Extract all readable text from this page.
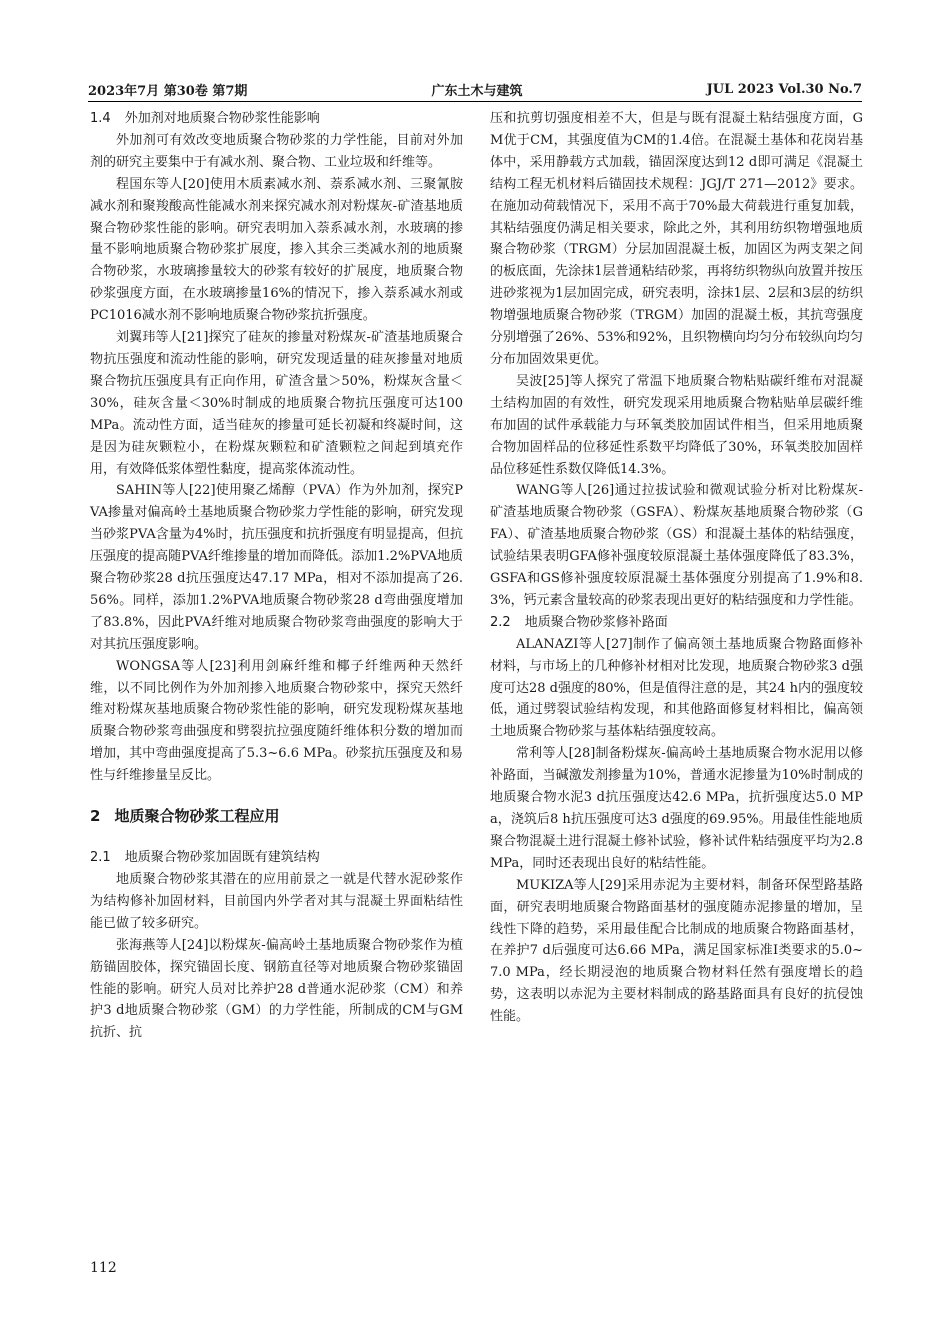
2023年7月 第30卷 第7期	广东土木与建筑	JUL 2023 Vol.30 No.7
1.4 外加剂对地质聚合物砂浆性能影响

外加剂可有效改变地质聚合物砂浆的力学性能，目前对外加剂的研究主要集中于有减水剂、聚合物、工业垃圾和纤维等。

程国东等人[20]使用木质素减水剂、萘系减水剂、三聚氰胺减水剂和聚羧酸高性能减水剂来探究减水剂对粉煤灰-矿渣基地质聚合物砂浆性能的影响。研究表明加入萘系减水剂，水玻璃的掺量不影响地质聚合物砂浆扩展度，掺入其余三类减水剂的地质聚合物砂浆，水玻璃掺量较大的砂浆有较好的扩展度，地质聚合物砂浆强度方面，在水玻璃掺量16%的情况下，掺入萘系减水剂或PC1016减水剂不影响地质聚合物砂浆抗折强度。

刘翼玮等人[21]探究了硅灰的掺量对粉煤灰-矿渣基地质聚合物抗压强度和流动性能的影响，研究发现适量的硅灰掺量对地质聚合物抗压强度具有正向作用，矿渣含量＞50%，粉煤灰含量＜30%，硅灰含量＜30%时制成的地质聚合物抗压强度可达100 MPa。流动性方面，适当硅灰的掺量可延长初凝和终凝时间，这是因为硅灰颗粒小，在粉煤灰颗粒和矿渣颗粒之间起到填充作用，有效降低浆体塑性黏度，提高浆体流动性。

SAHIN等人[22]使用聚乙烯醇（PVA）作为外加剂，探究PVA掺量对偏高岭土基地质聚合物砂浆力学性能的影响，研究发现当砂浆PVA含量为4%时，抗压强度和抗折强度有明显提高，但抗压强度的提高随PVA纤维掺量的增加而降低。添加1.2%PVA地质聚合物砂浆28 d抗压强度达47.17 MPa，相对不添加提高了26.56%。同样，添加1.2%PVA地质聚合物砂浆28 d弯曲强度增加了83.8%，因此PVA纤维对地质聚合物砂浆弯曲强度的影响大于对其抗压强度影响。

WONGSA等人[23]利用剑麻纤维和椰子纤维两种天然纤维，以不同比例作为外加剂掺入地质聚合物砂浆中，探究天然纤维对粉煤灰基地质聚合物砂浆性能的影响，研究发现粉煤灰基地质聚合物砂浆弯曲强度和劈裂抗拉强度随纤维体积分数的增加而增加，其中弯曲强度提高了5.3~6.6 MPa。砂浆抗压强度及和易性与纤维掺量呈反比。

2 地质聚合物砂浆工程应用
2.1 地质聚合物砂浆加固既有建筑结构

地质聚合物砂浆其潜在的应用前景之一就是代替水泥砂浆作为结构修补加固材料，目前国内外学者对其与混凝土界面粘结性能已做了较多研究。

张海燕等人[24]以粉煤灰-偏高岭土基地质聚合物砂浆作为植筋锚固胶体，探究锚固长度、钢筋直径等对地质聚合物砂浆锚固性能的影响。研究人员对比养护28 d普通水泥砂浆（CM）和养护3 d地质聚合物砂浆（GM）的力学性能，所制成的CM与GM抗折、抗

压和抗剪切强度相差不大，但是与既有混凝土粘结强度方面，GM优于CM，其强度值为CM的1.4倍。在混凝土基体和花岗岩基体中，采用静载方式加载，锚固深度达到12 d即可满足《混凝土结构工程无机材料后锚固技术规程：JGJ/T 271—2012》要求。在施加动荷载情况下，采用不高于70%最大荷载进行重复加载，其粘结强度仍满足相关要求，除此之外，其利用纺织物增强地质聚合物砂浆（TRGM）分层加固混凝土板，加固区为两支架之间的板底面，先涂抹1层普通粘结砂浆，再将纺织物纵向放置并按压进砂浆视为1层加固完成，研究表明，涂抹1层、2层和3层的纺织物增强地质聚合物砂浆（TRGM）加固的混凝土板，其抗弯强度分别增强了26%、53%和92%，且织物横向均匀分布较纵向均匀分布加固效果更优。

吴波[25]等人探究了常温下地质聚合物粘贴碳纤维布对混凝土结构加固的有效性，研究发现采用地质聚合物粘贴单层碳纤维布加固的试件承载能力与环氧类胶加固试件相当，但采用地质聚合物加固样品的位移延性系数平均降低了30%，环氧类胶加固样品位移延性系数仅降低14.3%。

WANG等人[26]通过拉拔试验和微观试验分析对比粉煤灰-矿渣基地质聚合物砂浆（GSFA）、粉煤灰基地质聚合物砂浆（GFA）、矿渣基地质聚合物砂浆（GS）和混凝土基体的粘结强度，试验结果表明GFA修补强度较原混凝土基体强度降低了83.3%，GSFA和GS修补强度较原混凝土基体强度分别提高了1.9%和8.3%，钙元素含量较高的砂浆表现出更好的粘结强度和力学性能。

2.2 地质聚合物砂浆修补路面

ALANAZI等人[27]制作了偏高领土基地质聚合物路面修补材料，与市场上的几种修补材相对比发现，地质聚合物砂浆3 d强度可达28 d强度的80%，但是值得注意的是，其24 h内的强度较低，通过劈裂试验结构发现，和其他路面修复材料相比，偏高领土地质聚合物砂浆与基体粘结强度较高。

常利等人[28]制备粉煤灰-偏高岭土基地质聚合物水泥用以修补路面，当碱激发剂掺量为10%，普通水泥掺量为10%时制成的地质聚合物水泥3 d抗压强度达42.6 MPa，抗折强度达5.0 MPa，浇筑后8 h抗压强度可达3 d强度的69.95%。用最佳性能地质聚合物混凝土进行混凝土修补试验，修补试件粘结强度平均为2.8 MPa，同时还表现出良好的粘结性能。

MUKIZA等人[29]采用赤泥为主要材料，制备环保型路基路面，研究表明地质聚合物路面基材的强度随赤泥掺量的增加，呈线性下降的趋势，采用最佳配合比制成的地质聚合物路面基材，在养护7 d后强度可达6.66 MPa，满足国家标准Ⅰ类要求的5.0~7.0 MPa，经长期浸泡的地质聚合物材料任然有强度增长的趋势，这表明以赤泥为主要材料制成的路基路面具有良好的抗侵蚀性能。

112
